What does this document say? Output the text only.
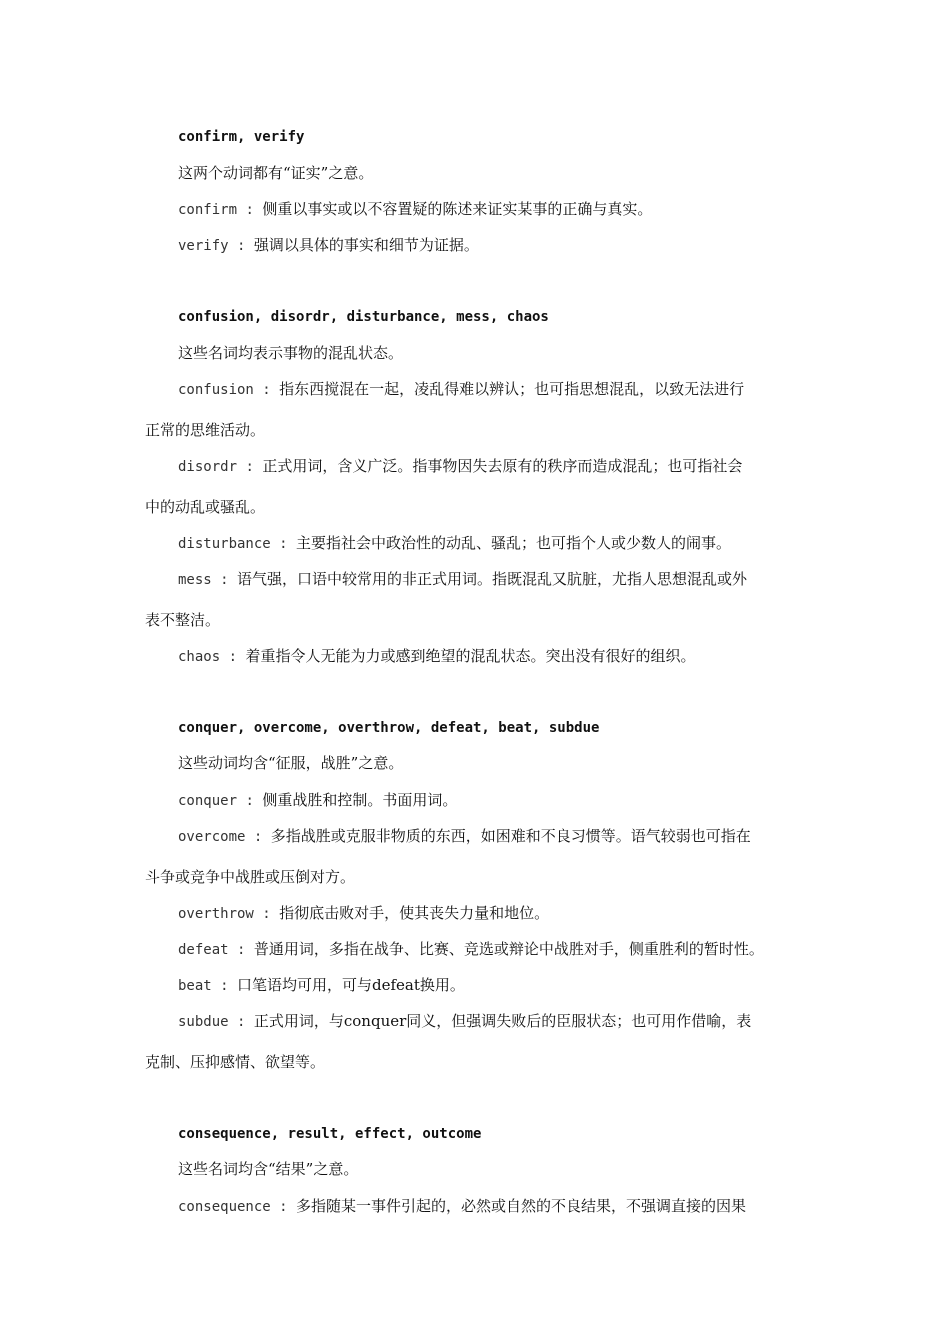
confirm, verify
这两个动词都有“证实”之意。
confirm : 侧重以事实或以不容置疑的陈述来证实某事的正确与真实。
verify : 强调以具体的事实和细节为证据。
confusion, disordr, disturbance, mess, chaos
这些名词均表示事物的混乱状态。
confusion : 指东西搅混在一起，凌乱得难以辨认；也可指思想混乱，以致无法进行
正常的思维活动。
disordr : 正式用词，含义广泛。指事物因失去原有的秩序而造成混乱；也可指社会
中的动乱或骚乱。
disturbance : 主要指社会中政治性的动乱、骚乱；也可指个人或少数人的闹事。
mess : 语气强，口语中较常用的非正式用词。指既混乱又肮脏，尤指人思想混乱或外
表不整洁。
chaos : 着重指令人无能为力或感到绝望的混乱状态。突出没有很好的组织。
conquer, overcome, overthrow, defeat, beat, subdue
这些动词均含“征服，战胜”之意。
conquer : 侧重战胜和控制。书面用词。
overcome : 多指战胜或克服非物质的东西，如困难和不良习惯等。语气较弱也可指在
斗争或竞争中战胜或压倒对方。
overthrow : 指彻底击败对手，使其丧失力量和地位。
defeat : 普通用词，多指在战争、比赛、竞选或辩论中战胜对手，侧重胜利的暂时性。
beat : 口笔语均可用，可与defeat换用。
subdue : 正式用词，与conquer同义，但强调失败后的臣服状态；也可用作借喻，表
克制、压抑感情、欲望等。
consequence, result, effect, outcome
这些名词均含“结果”之意。
consequence : 多指随某一事件引起的，必然或自然的不良结果，不强调直接的因果
